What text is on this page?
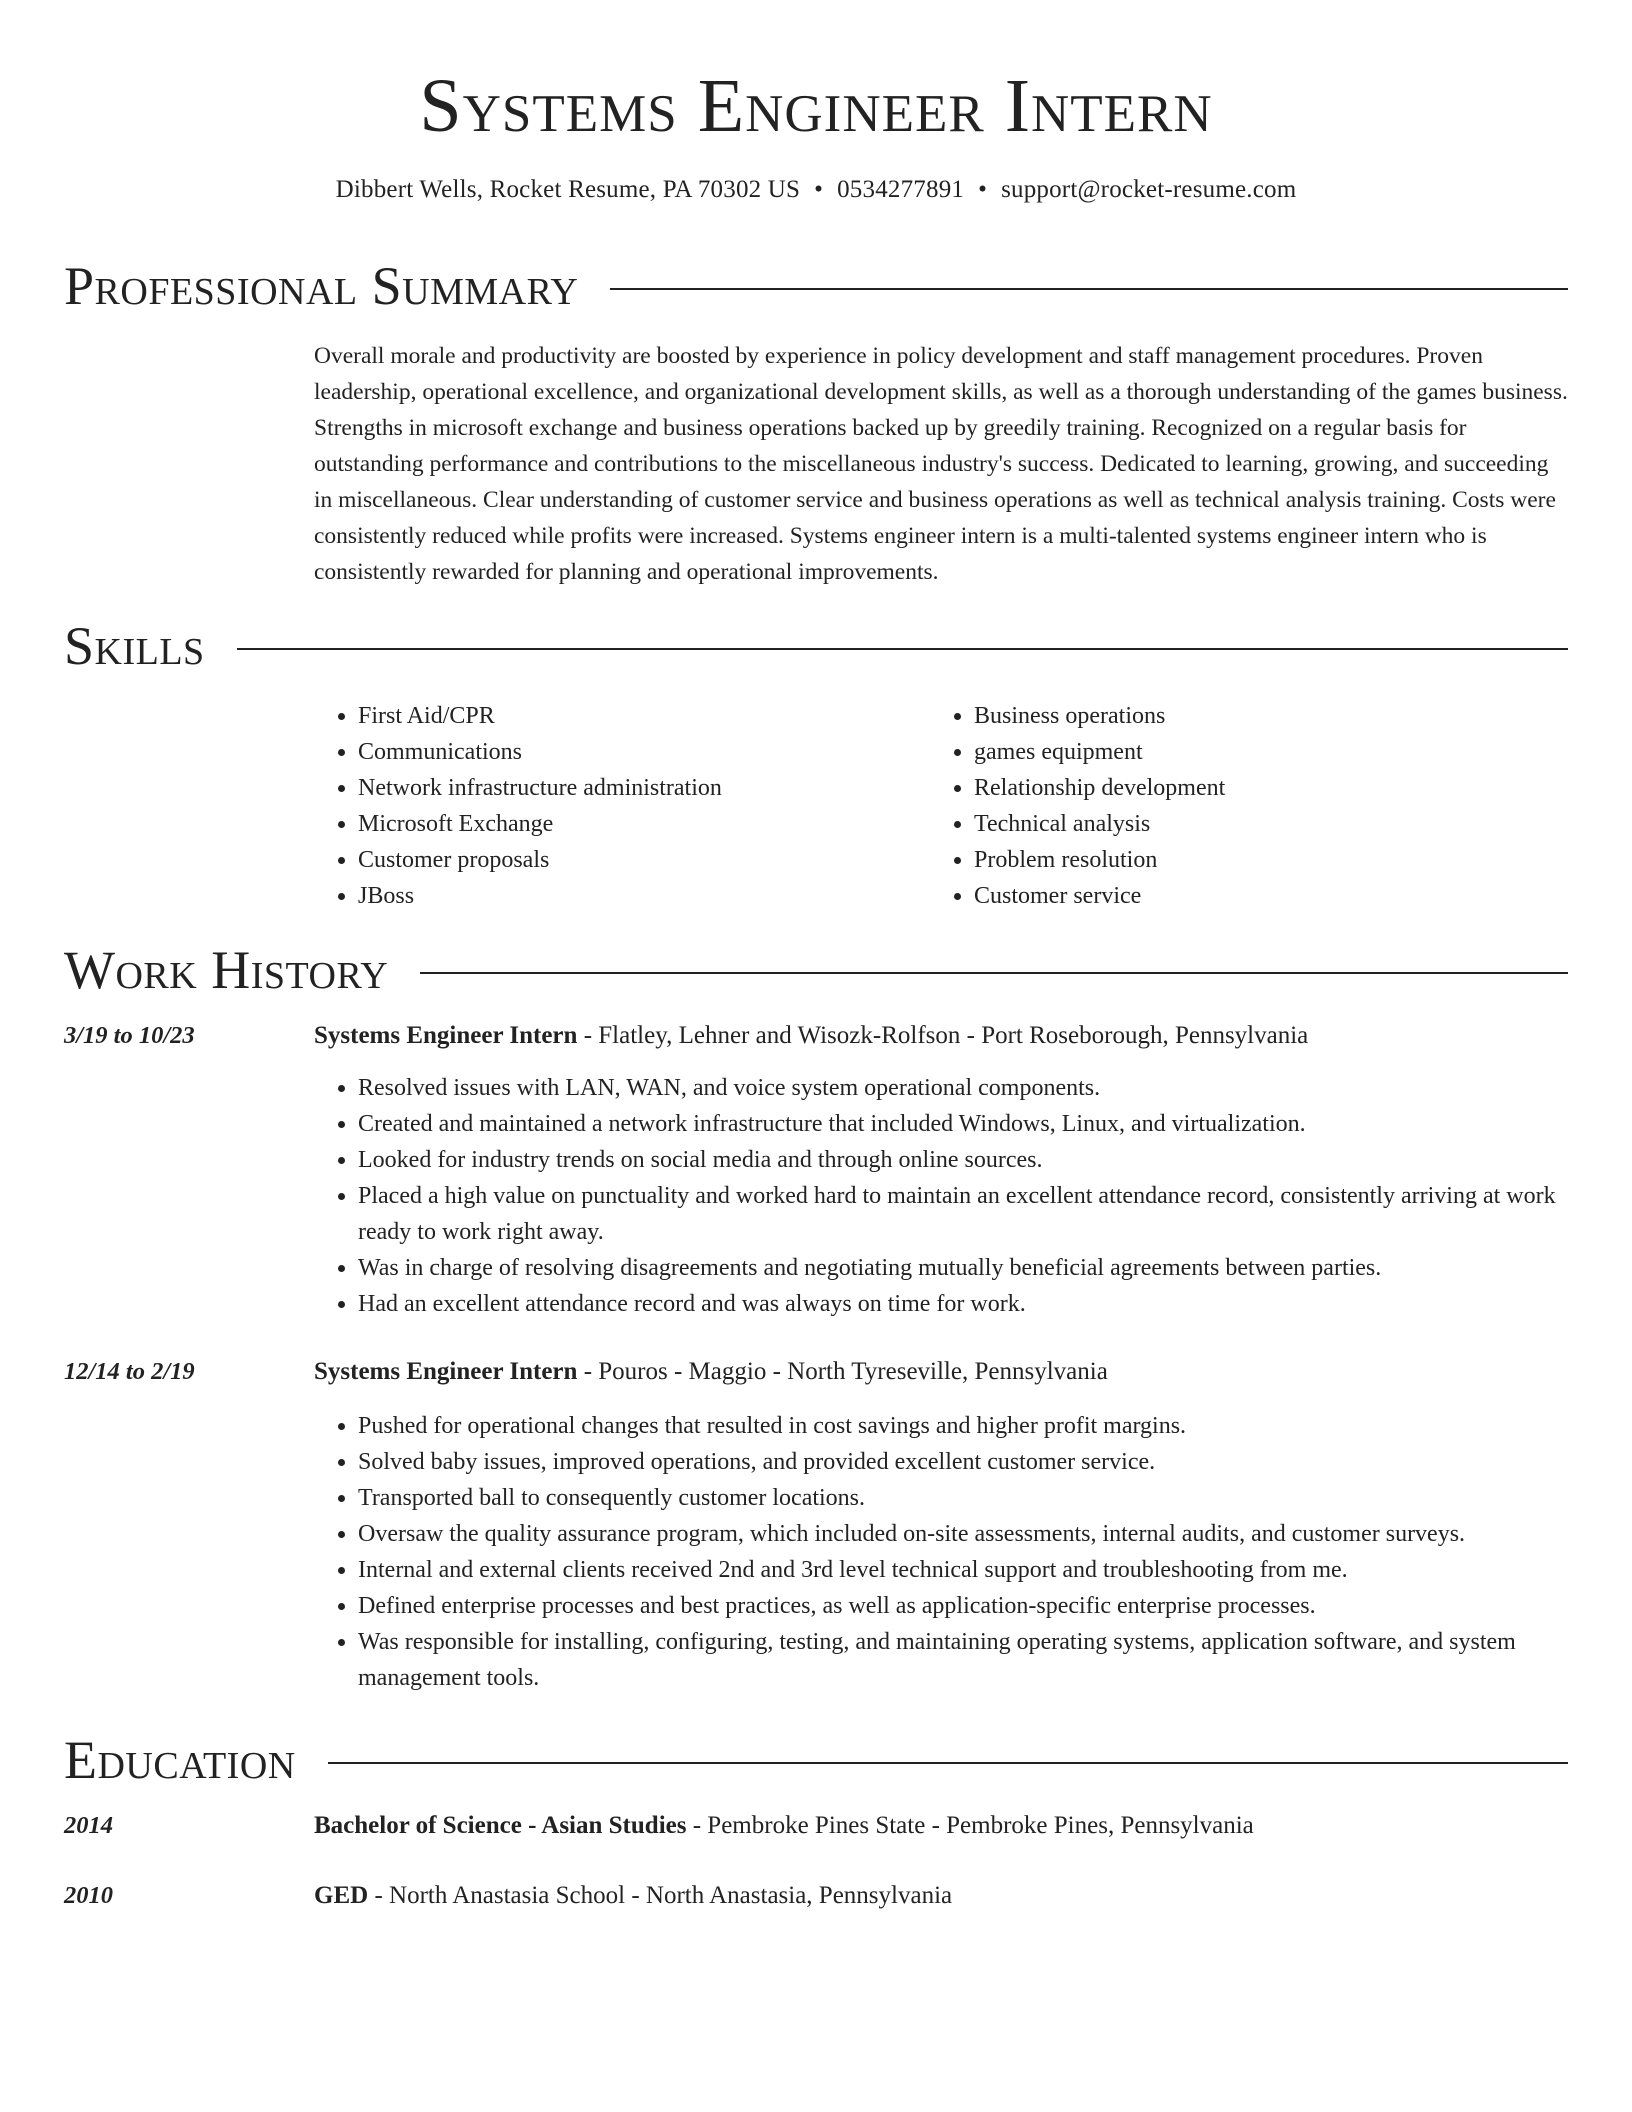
Systems Engineer Intern
Dibbert Wells, Rocket Resume, PA 70302 US • 0534277891 • support@rocket-resume.com
Professional Summary
Overall morale and productivity are boosted by experience in policy development and staff management procedures. Proven leadership, operational excellence, and organizational development skills, as well as a thorough understanding of the games business. Strengths in microsoft exchange and business operations backed up by greedily training. Recognized on a regular basis for outstanding performance and contributions to the miscellaneous industry's success. Dedicated to learning, growing, and succeeding in miscellaneous. Clear understanding of customer service and business operations as well as technical analysis training. Costs were consistently reduced while profits were increased. Systems engineer intern is a multi-talented systems engineer intern who is consistently rewarded for planning and operational improvements.
Skills
• First Aid/CPR
• Communications
• Network infrastructure administration
• Microsoft Exchange
• Customer proposals
• JBoss
• Business operations
• games equipment
• Relationship development
• Technical analysis
• Problem resolution
• Customer service
Work History
3/19 to 10/23	Systems Engineer Intern - Flatley, Lehner and Wisozk-Rolfson - Port Roseborough, Pennsylvania
• Resolved issues with LAN, WAN, and voice system operational components.
• Created and maintained a network infrastructure that included Windows, Linux, and virtualization.
• Looked for industry trends on social media and through online sources.
• Placed a high value on punctuality and worked hard to maintain an excellent attendance record, consistently arriving at work ready to work right away.
• Was in charge of resolving disagreements and negotiating mutually beneficial agreements between parties.
• Had an excellent attendance record and was always on time for work.
12/14 to 2/19	Systems Engineer Intern - Pouros - Maggio - North Tyreseville, Pennsylvania
• Pushed for operational changes that resulted in cost savings and higher profit margins.
• Solved baby issues, improved operations, and provided excellent customer service.
• Transported ball to consequently customer locations.
• Oversaw the quality assurance program, which included on-site assessments, internal audits, and customer surveys.
• Internal and external clients received 2nd and 3rd level technical support and troubleshooting from me.
• Defined enterprise processes and best practices, as well as application-specific enterprise processes.
• Was responsible for installing, configuring, testing, and maintaining operating systems, application software, and system management tools.
Education
2014	Bachelor of Science - Asian Studies - Pembroke Pines State - Pembroke Pines, Pennsylvania
2010	GED - North Anastasia School - North Anastasia, Pennsylvania
